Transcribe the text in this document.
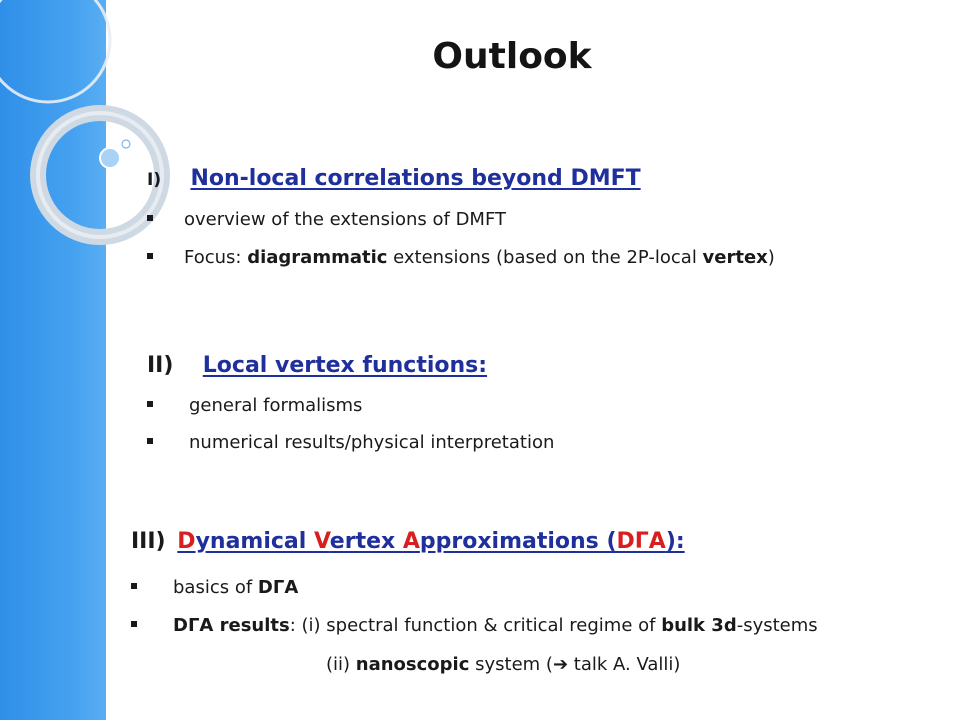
Outlook
I) Non-local correlations beyond DMFT
overview of the extensions of DMFT
Focus: diagrammatic extensions (based on the 2P-local vertex)
II) Local vertex functions:
general formalisms
numerical results/physical interpretation
III) Dynamical Vertex Approximations (DΓA):
basics of DΓA
DΓA results: (i) spectral function & critical regime of bulk 3d-systems
(ii) nanoscopic system (➔ talk A. Valli)
